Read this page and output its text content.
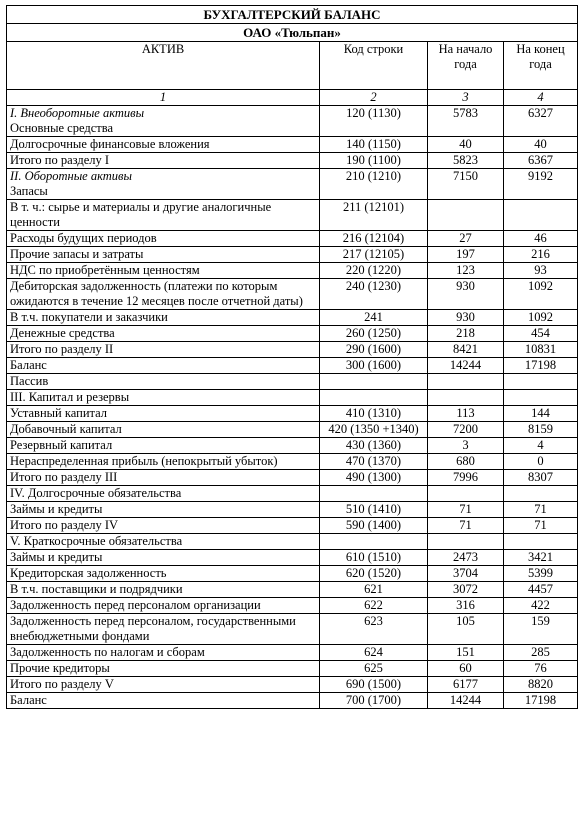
БУХГАЛТЕРСКИЙ БАЛАНС			
ОАО «Тюльпан»			
АКТИВ	Код строки	На начало года	На конец года
1	2	3	4

I. Внеоборотные активы
Основные средства	120 (1130)	5783	6327

Долгосрочные финансовые вложения	140 (1150)	40	40

Итого по разделу I	190 (1100)	5823	6367

II. Оборотные активы
Запасы	210 (1210)	7150	9192

В т. ч.: сырье и материалы и другие аналогичные ценности	211 (12101)		

Расходы будущих периодов	216 (12104)	27	46

Прочие запасы и затраты	217 (12105)	197	216

НДС по приобретённым ценностям	220 (1220)	123	93

Дебиторская задолженность (платежи по которым ожидаются в течение 12 месяцев после отчетной даты)	240 (1230)	930	1092

В т.ч. покупатели и заказчики	241	930	1092

Денежные средства	260 (1250)	218	454

Итого по разделу II	290 (1600)	8421	10831

Баланс	300 (1600)	14244	17198

Пассив			

III. Капитал и резервы			

Уставный капитал	410 (1310)	113	144

Добавочный капитал	420 (1350 +1340)	7200	8159

Резервный капитал	430 (1360)	3	4

Нераспределенная прибыль (непокрытый убыток)	470 (1370)	680	0

Итого по разделу III	490 (1300)	7996	8307

IV. Долгосрочные обязательства			

Займы и кредиты	510 (1410)	71	71

Итого по разделу IV	590 (1400)	71	71

V. Краткосрочные обязательства			

Займы и кредиты	610 (1510)	2473	3421

Кредиторская задолженность	620 (1520)	3704	5399

В т.ч. поставщики и подрядчики	621	3072	4457

Задолженность перед персоналом организации	622	316	422

Задолженность перед персоналом, государственными внебюджетными фондами	623	105	159

Задолженность по налогам и сборам	624	151	285

Прочие кредиторы	625	60	76

Итого по разделу V	690 (1500)	6177	8820

Баланс	700 (1700)	14244	17198
